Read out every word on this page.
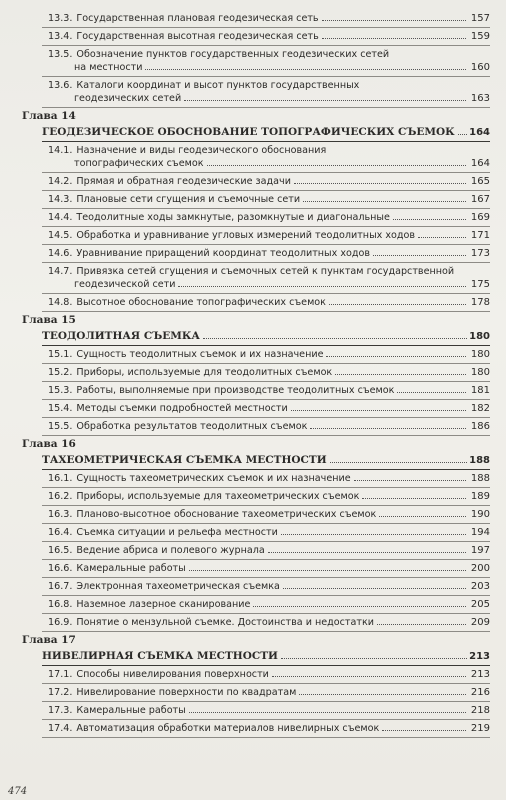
13.3. Государственная плановая геодезическая сеть	157
13.4. Государственная высотная геодезическая сеть	159
13.5. Обозначение пунктов государственных геодезических сетей
на местности	160
13.6. Каталоги координат и высот пунктов государственных
геодезических сетей	163
Глава 14
ГЕОДЕЗИЧЕСКОЕ ОБОСНОВАНИЕ ТОПОГРАФИЧЕСКИХ СЪЕМОК 164
14.1. Назначение и виды геодезического обоснования
топографических съемок	164
14.2. Прямая и обратная геодезические задачи	165
14.3. Плановые сети сгущения и съемочные сети	167
14.4. Теодолитные ходы замкнутые, разомкнутые и диагональные	169
14.5. Обработка и уравнивание угловых измерений теодолитных ходов	171
14.6. Уравнивание приращений координат теодолитных ходов	173
14.7. Привязка сетей сгущения и съемочных сетей к пунктам государственной
геодезической сети	175
14.8. Высотное обоснование топографических съемок	178
Глава 15
ТЕОДОЛИТНАЯ СЪЕМКА	180
15.1. Сущность теодолитных съемок и их назначение	180
15.2. Приборы, используемые для теодолитных съемок	180
15.3. Работы, выполняемые при производстве теодолитных съемок	181
15.4. Методы съемки подробностей местности	182
15.5. Обработка результатов теодолитных съемок	186
Глава 16
ТАХЕОМЕТРИЧЕСКАЯ СЪЕМКА МЕСТНОСТИ	188
16.1. Сущность тахеометрических съемок и их назначение	188
16.2. Приборы, используемые для тахеометрических съемок	189
16.3. Планово-высотное обоснование тахеометрических съемок	190
16.4. Съемка ситуации и рельефа местности	194
16.5. Ведение абриса и полевого журнала	197
16.6. Камеральные работы	200
16.7. Электронная тахеометрическая съемка	203
16.8. Наземное лазерное сканирование	205
16.9. Понятие о мензульной съемке. Достоинства и недостатки	209
Глава 17
НИВЕЛИРНАЯ СЪЕМКА МЕСТНОСТИ	213
17.1. Способы нивелирования поверхности	213
17.2. Нивелирование поверхности по квадратам	216
17.3. Камеральные работы	218
17.4. Автоматизация обработки материалов нивелирных съемок	219
474
